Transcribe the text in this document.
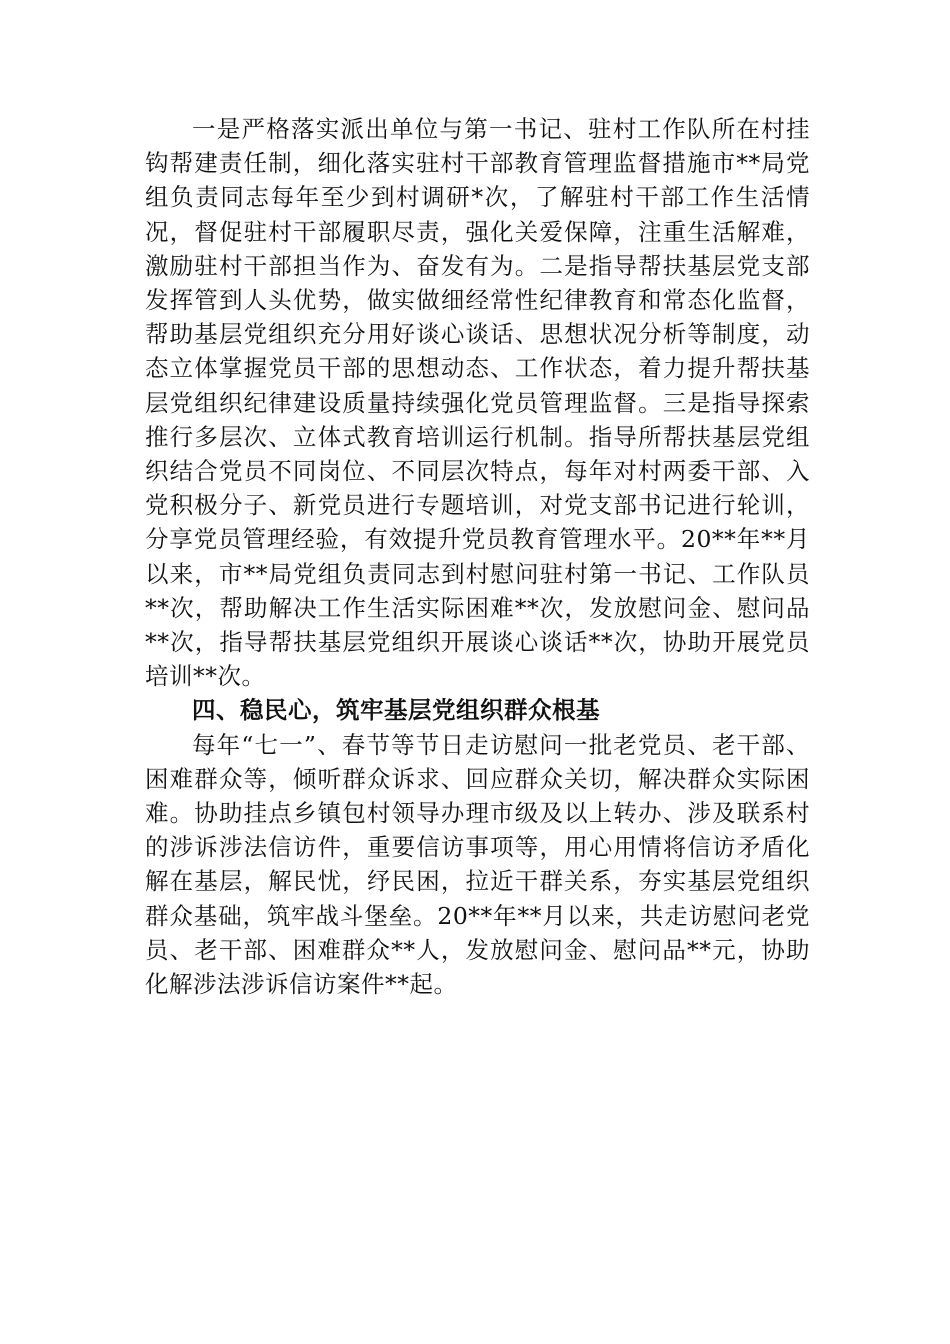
一是严格落实派出单位与第一书记、驻村工作队所在村挂钩帮建责任制，细化落实驻村干部教育管理监督措施市**局党组负责同志每年至少到村调研*次，了解驻村干部工作生活情况，督促驻村干部履职尽责，强化关爱保障，注重生活解难，激励驻村干部担当作为、奋发有为。二是指导帮扶基层党支部发挥管到人头优势，做实做细经常性纪律教育和常态化监督，帮助基层党组织充分用好谈心谈话、思想状况分析等制度，动态立体掌握党员干部的思想动态、工作状态，着力提升帮扶基层党组织纪律建设质量持续强化党员管理监督。三是指导探索推行多层次、立体式教育培训运行机制。指导所帮扶基层党组织结合党员不同岗位、不同层次特点，每年对村两委干部、入党积极分子、新党员进行专题培训，对党支部书记进行轮训，分享党员管理经验，有效提升党员教育管理水平。20**年**月以来，市**局党组负责同志到村慰问驻村第一书记、工作队员**次，帮助解决工作生活实际困难**次，发放慰问金、慰问品**次，指导帮扶基层党组织开展谈心谈话**次，协助开展党员培训**次。

四、稳民心，筑牢基层党组织群众根基

每年“七一”、春节等节日走访慰问一批老党员、老干部、困难群众等，倾听群众诉求、回应群众关切，解决群众实际困难。协助挂点乡镇包村领导办理市级及以上转办、涉及联系村的涉诉涉法信访件，重要信访事项等，用心用情将信访矛盾化解在基层，解民忧，纾民困，拉近干群关系，夯实基层党组织群众基础，筑牢战斗堡垒。20**年**月以来，共走访慰问老党员、老干部、困难群众**人，发放慰问金、慰问品**元，协助化解涉法涉诉信访案件**起。
